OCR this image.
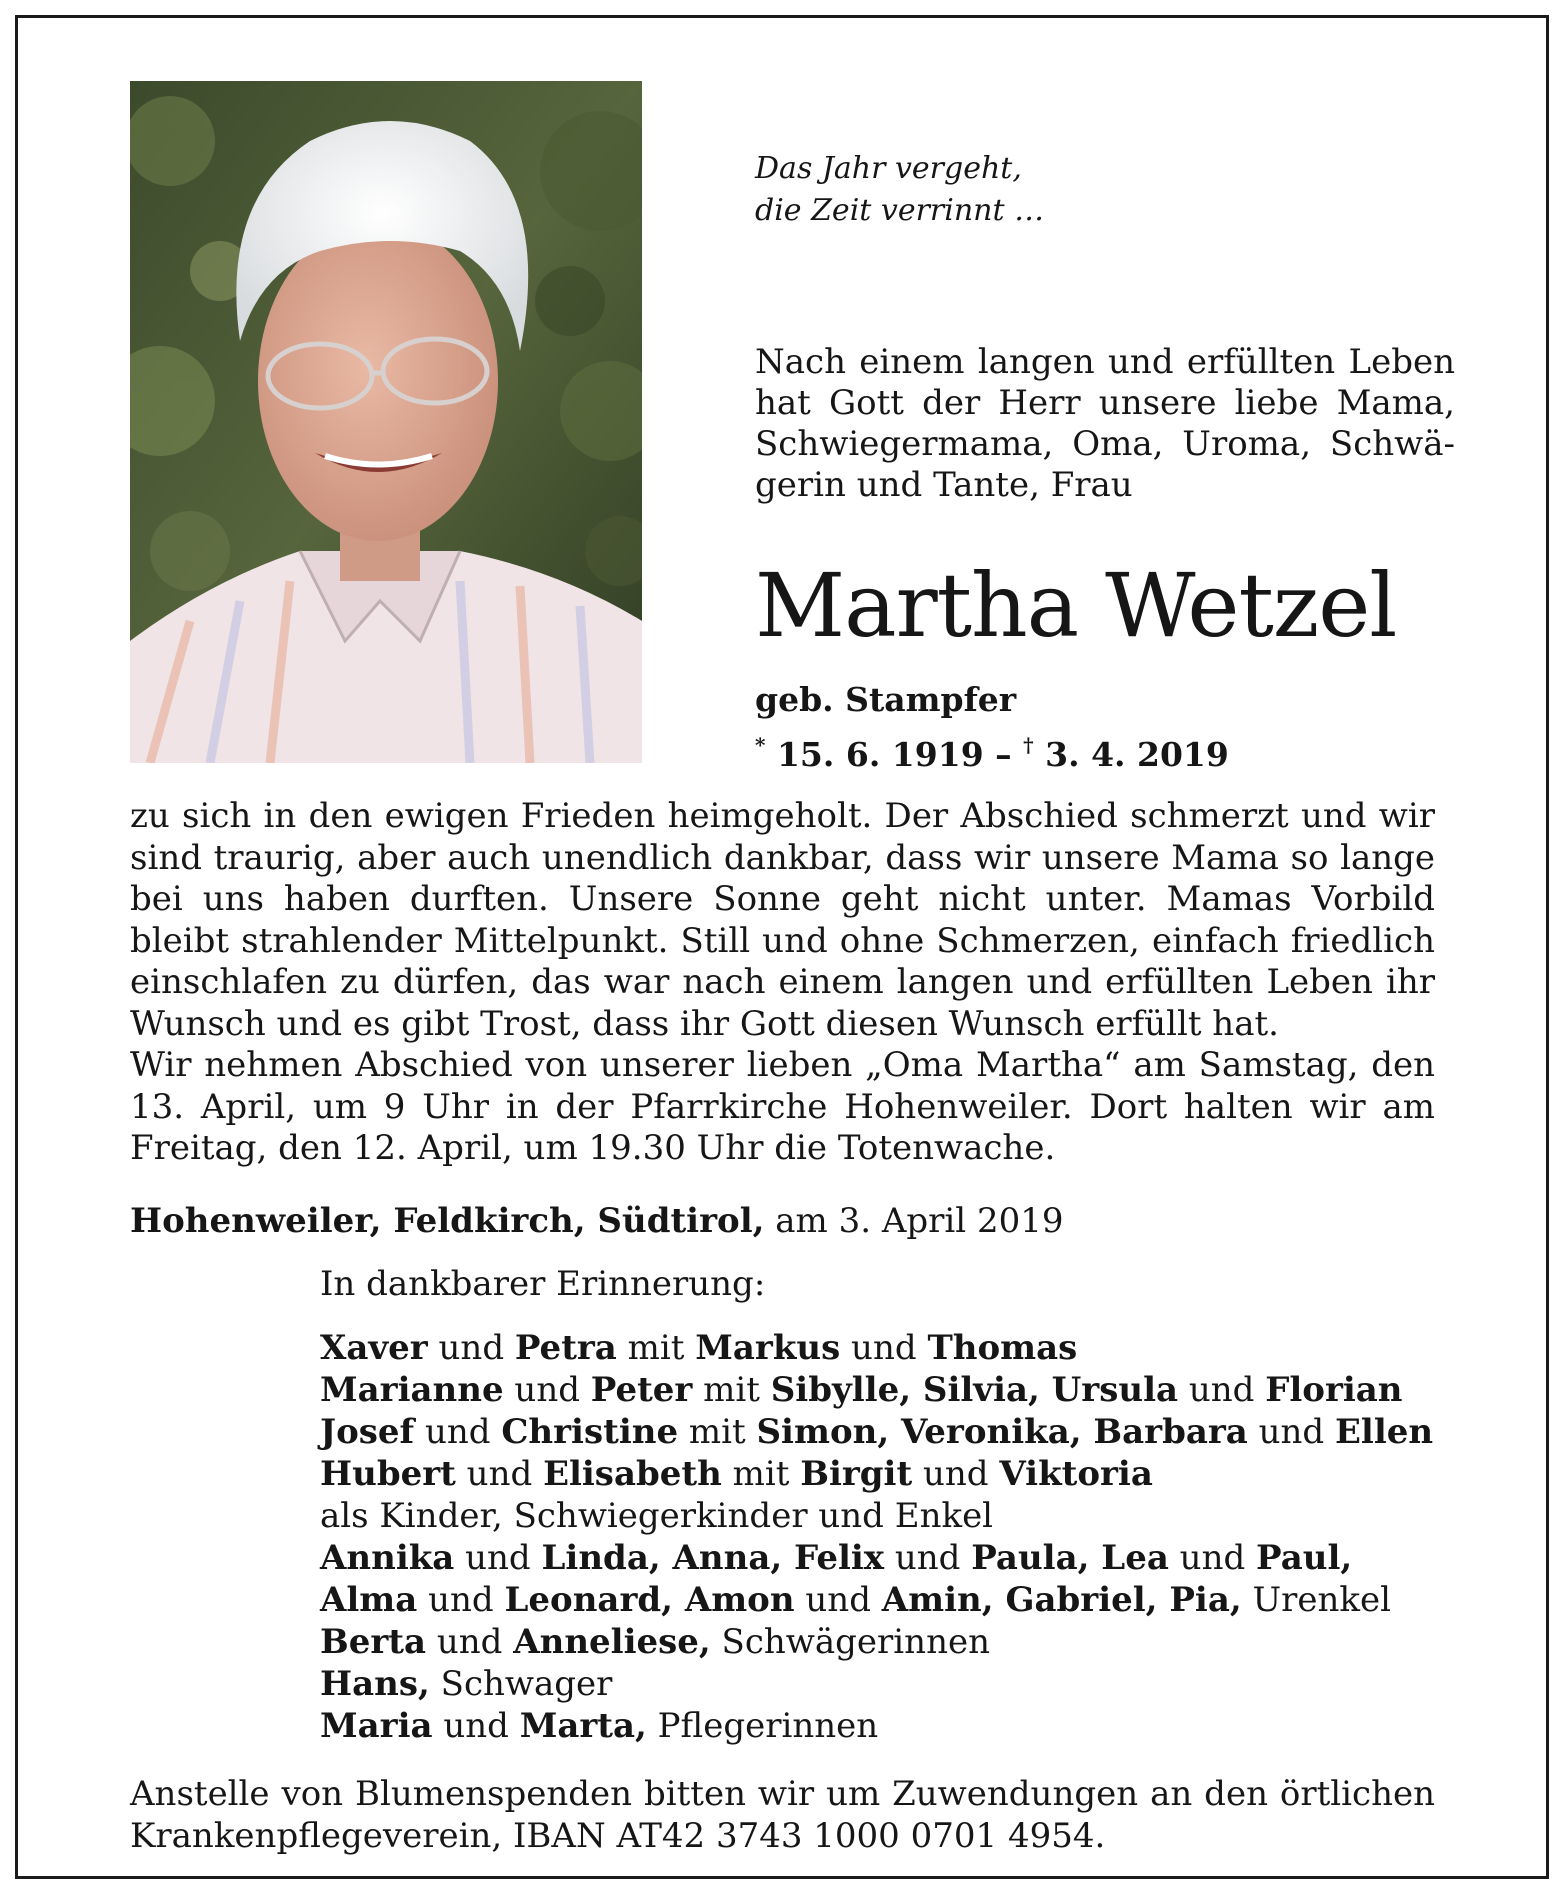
Das Jahr vergeht,
die Zeit verrinnt …
Nach einem langen und erfüllten Leben
hat Gott der Herr unsere liebe Mama,
Schwiegermama, Oma, Uroma, Schwä-
gerin und Tante, Frau
Martha Wetzel
geb. Stampfer
* 15. 6. 1919 – † 3. 4. 2019
zu sich in den ewigen Frieden heimgeholt. Der Abschied schmerzt und wir
sind traurig, aber auch unendlich dankbar, dass wir unsere Mama so lange
bei uns haben durften. Unsere Sonne geht nicht unter. Mamas Vorbild
bleibt strahlender Mittelpunkt. Still und ohne Schmerzen, einfach friedlich
einschlafen zu dürfen, das war nach einem langen und erfüllten Leben ihr
Wunsch und es gibt Trost, dass ihr Gott diesen Wunsch erfüllt hat.
Wir nehmen Abschied von unserer lieben „Oma Martha“ am Samstag, den
13. April, um 9 Uhr in der Pfarrkirche Hohenweiler. Dort halten wir am
Freitag, den 12. April, um 19.30 Uhr die Totenwache.
Hohenweiler, Feldkirch, Südtirol, am 3. April 2019
In dankbarer Erinnerung:
Xaver und Petra mit Markus und Thomas
Marianne und Peter mit Sibylle, Silvia, Ursula und Florian
Josef und Christine mit Simon, Veronika, Barbara und Ellen
Hubert und Elisabeth mit Birgit und Viktoria
als Kinder, Schwiegerkinder und Enkel
Annika und Linda, Anna, Felix und Paula, Lea und Paul,
Alma und Leonard, Amon und Amin, Gabriel, Pia, Urenkel
Berta und Anneliese, Schwägerinnen
Hans, Schwager
Maria und Marta, Pflegerinnen
Anstelle von Blumenspenden bitten wir um Zuwendungen an den örtlichen
Krankenpflegeverein, IBAN AT42 3743 1000 0701 4954.
